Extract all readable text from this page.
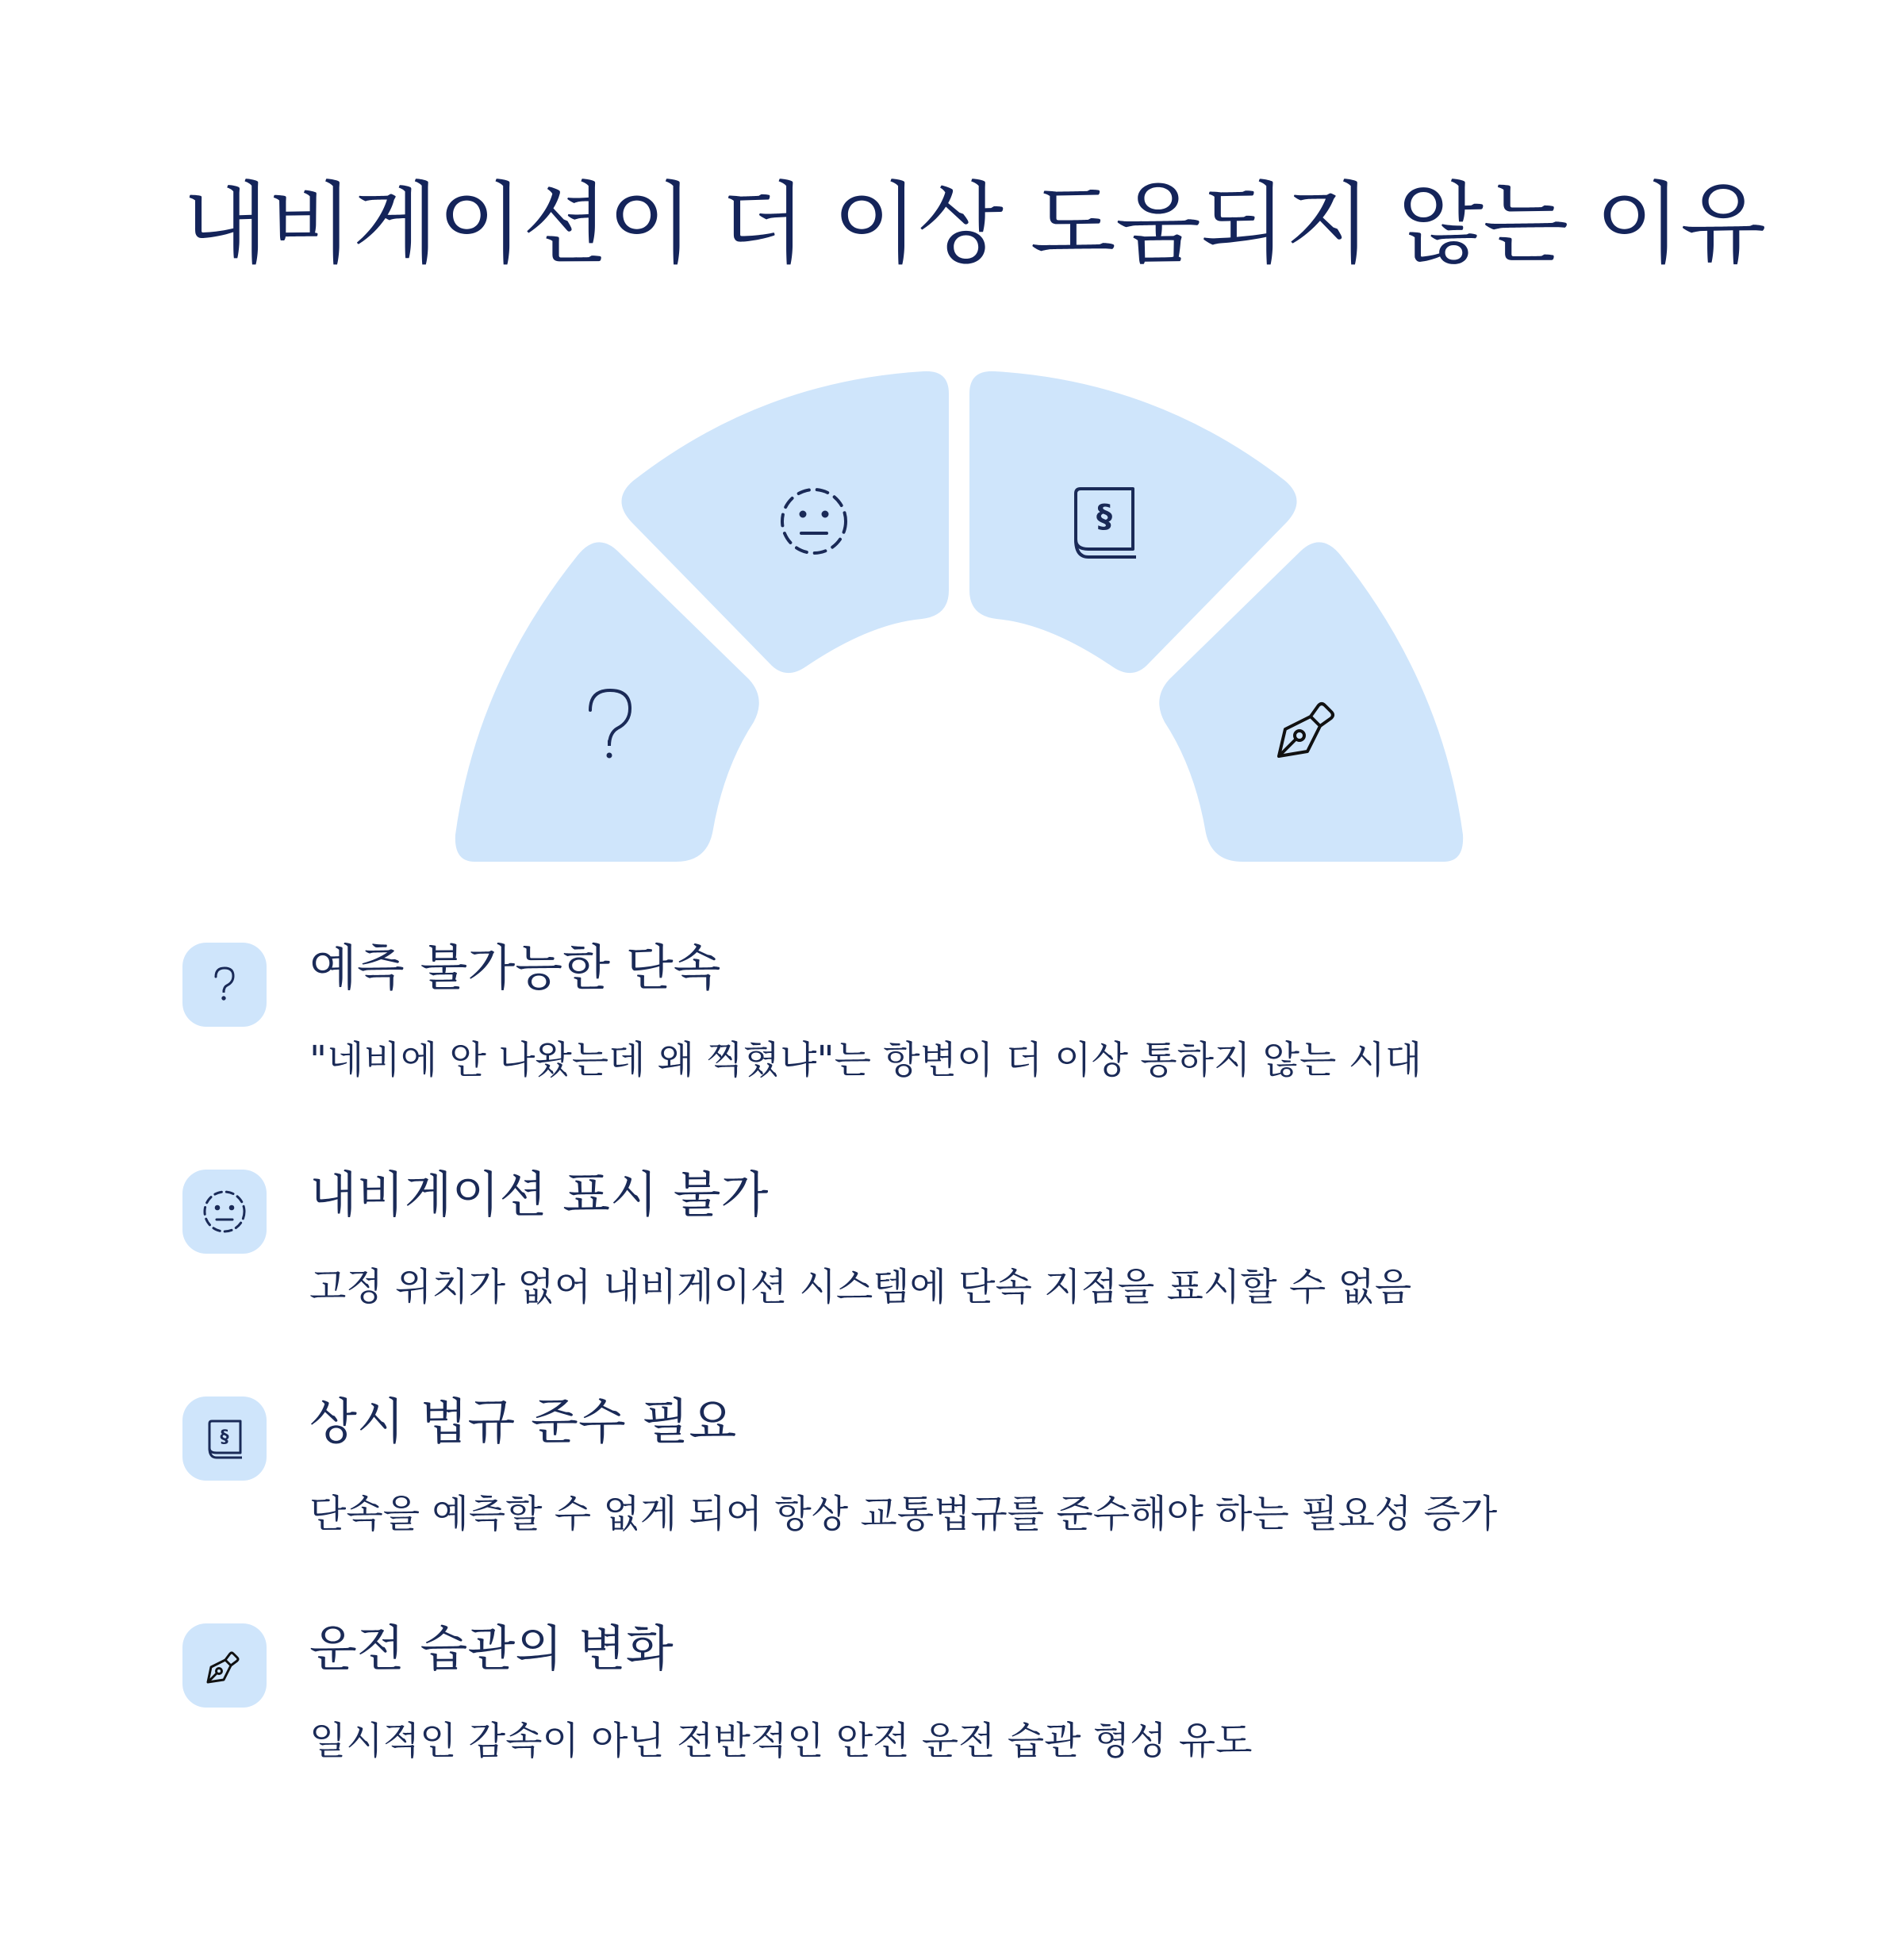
내비게이션이 더 이상 도움되지 않는 이유
§
예측 불가능한 단속
"네비에 안 나왔는데 왜 찍혔냐"는 항변이 더 이상 통하지 않는 시대
내비게이션 표시 불가
고정 위치가 없어 내비게이션 시스템에 단속 지점을 표시할 수 없음
§ 상시 법규 준수 필요
단속을 예측할 수 없게 되어 항상 교통법규를 준수해야 하는 필요성 증가
운전 습관의 변화
일시적인 감속이 아닌 전반적인 안전 운전 습관 형성 유도
